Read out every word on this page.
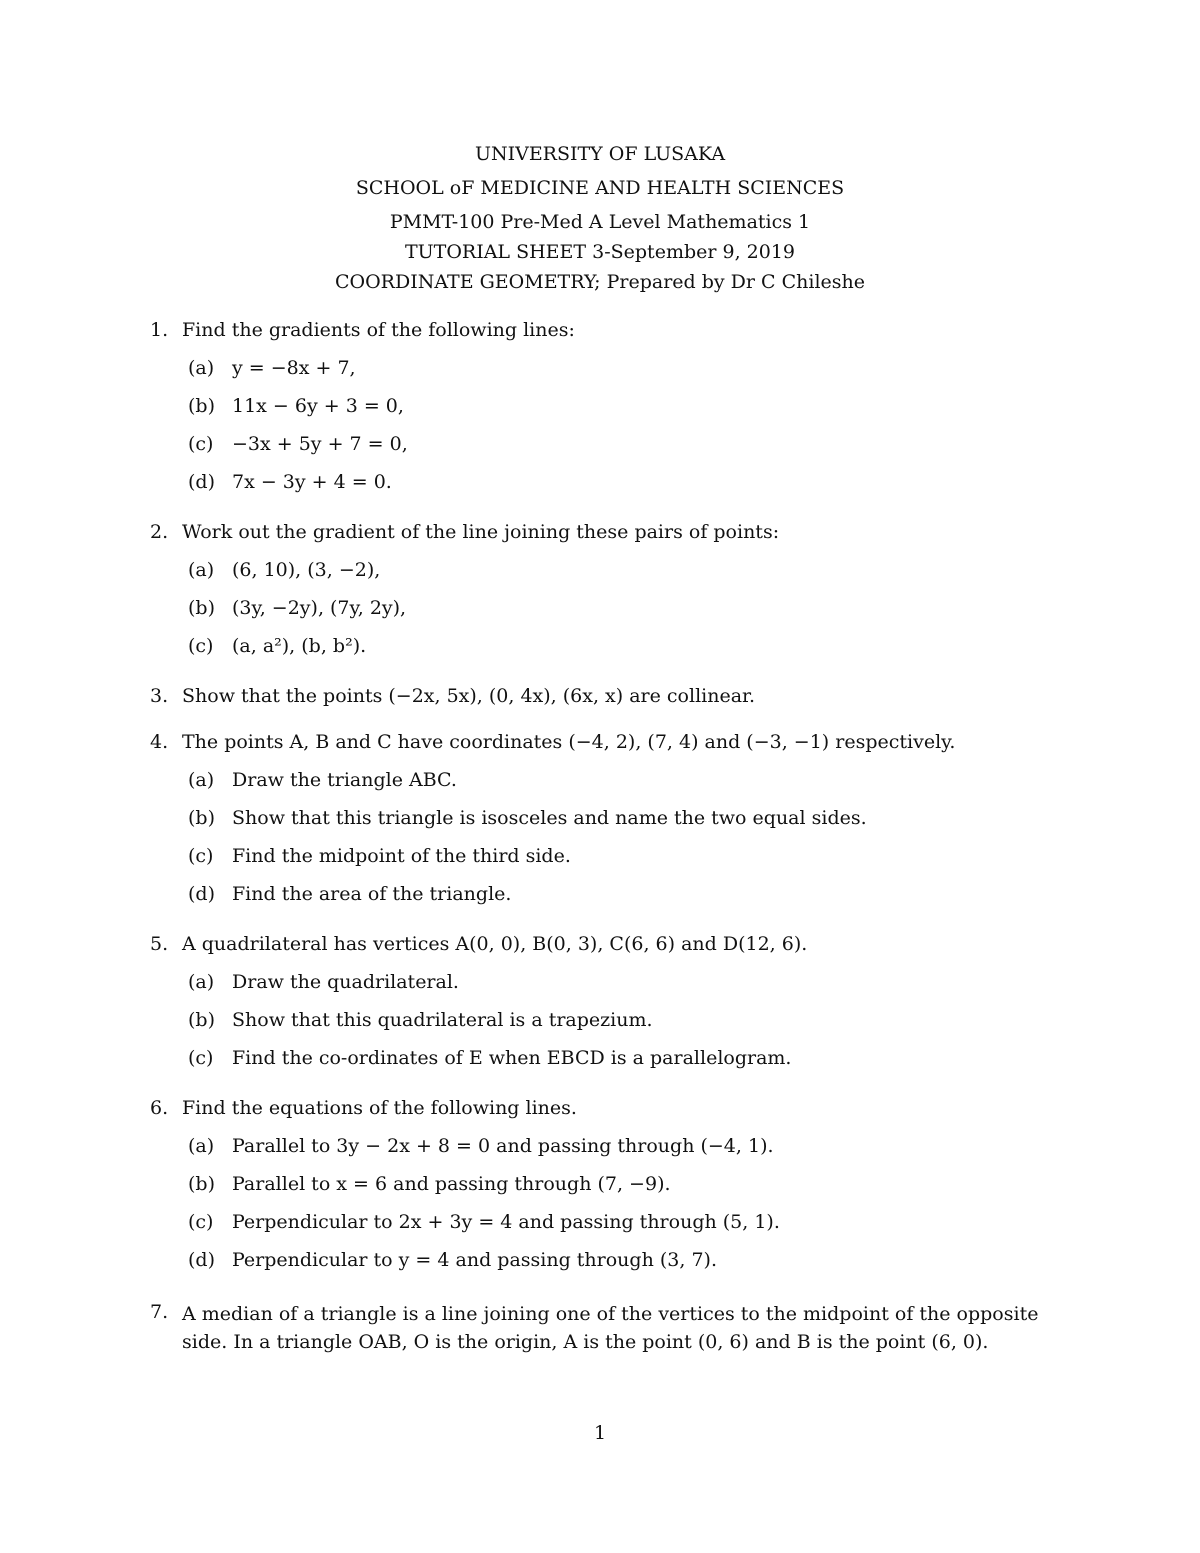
UNIVERSITY OF LUSAKA
SCHOOL oF MEDICINE AND HEALTH SCIENCES
PMMT-100 Pre-Med A Level Mathematics 1
TUTORIAL SHEET 3-September 9, 2019
COORDINATE GEOMETRY; Prepared by Dr C Chileshe
1. Find the gradients of the following lines:
(a) y = −8x + 7,
(b) 11x − 6y + 3 = 0,
(c) −3x + 5y + 7 = 0,
(d) 7x − 3y + 4 = 0.
2. Work out the gradient of the line joining these pairs of points:
(a) (6, 10), (3, −2),
(b) (3y, −2y), (7y, 2y),
(c) (a, a²), (b, b²).
3. Show that the points (−2x, 5x), (0, 4x), (6x, x) are collinear.
4. The points A, B and C have coordinates (−4, 2), (7, 4) and (−3, −1) respectively.
(a) Draw the triangle ABC.
(b) Show that this triangle is isosceles and name the two equal sides.
(c) Find the midpoint of the third side.
(d) Find the area of the triangle.
5. A quadrilateral has vertices A(0, 0), B(0, 3), C(6, 6) and D(12, 6).
(a) Draw the quadrilateral.
(b) Show that this quadrilateral is a trapezium.
(c) Find the co-ordinates of E when EBCD is a parallelogram.
6. Find the equations of the following lines.
(a) Parallel to 3y − 2x + 8 = 0 and passing through (−4, 1).
(b) Parallel to x = 6 and passing through (7, −9).
(c) Perpendicular to 2x + 3y = 4 and passing through (5, 1).
(d) Perpendicular to y = 4 and passing through (3, 7).
7. A median of a triangle is a line joining one of the vertices to the midpoint of the opposite side. In a triangle OAB, O is the origin, A is the point (0, 6) and B is the point (6, 0).
1
